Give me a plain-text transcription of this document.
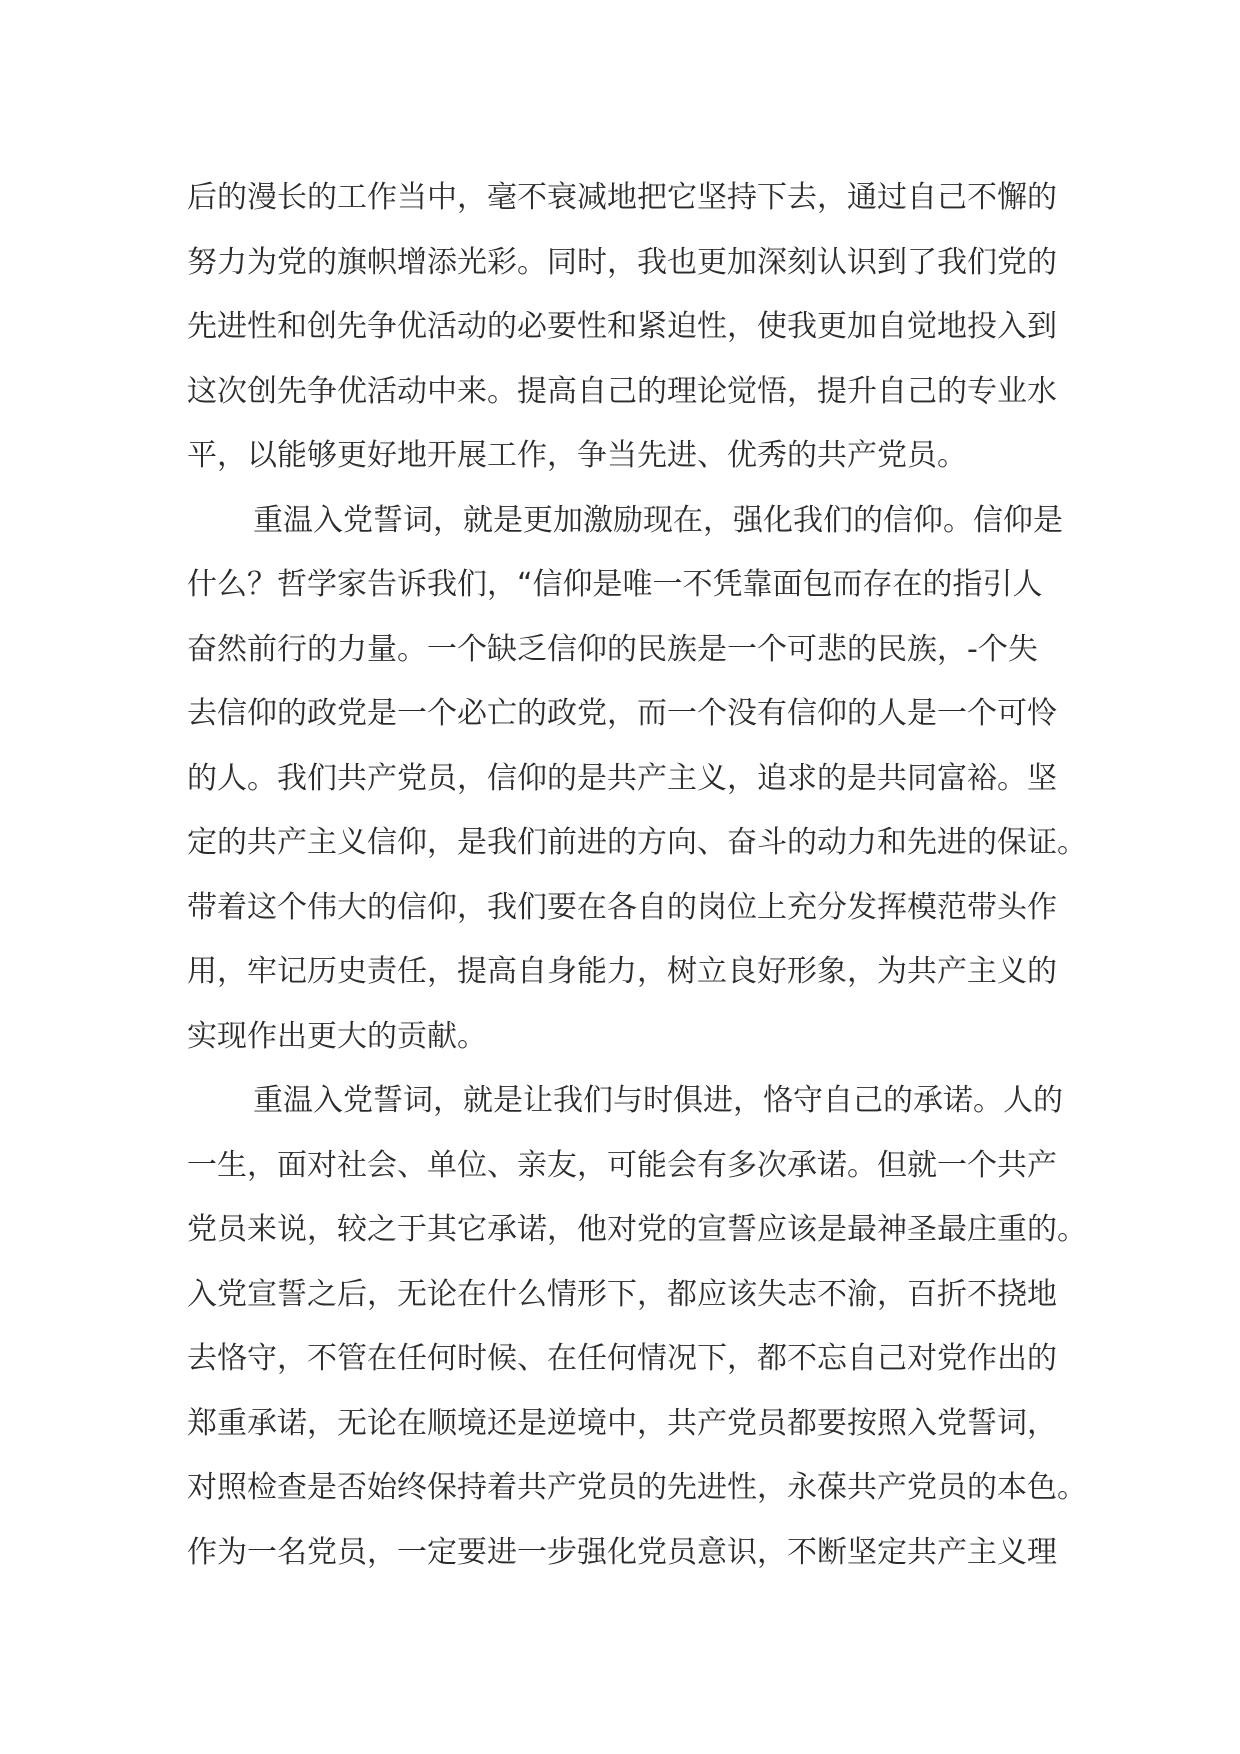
后的漫长的工作当中，毫不衰减地把它坚持下去，通过自己不懈的
努力为党的旗帜增添光彩。同时，我也更加深刻认识到了我们党的
先进性和创先争优活动的必要性和紧迫性，使我更加自觉地投入到
这次创先争优活动中来。提高自己的理论觉悟，提升自己的专业水
平，以能够更好地开展工作，争当先进、优秀的共产党员。
重温入党誓词，就是更加激励现在，强化我们的信仰。信仰是
什么？哲学家告诉我们，“信仰是唯一不凭靠面包而存在的指引人
奋然前行的力量。一个缺乏信仰的民族是一个可悲的民族，-个失
去信仰的政党是一个必亡的政党，而一个没有信仰的人是一个可怜
的人。我们共产党员，信仰的是共产主义，追求的是共同富裕。坚
定的共产主义信仰，是我们前进的方向、奋斗的动力和先进的保证。
带着这个伟大的信仰，我们要在各自的岗位上充分发挥模范带头作
用，牢记历史责任，提高自身能力，树立良好形象，为共产主义的
实现作出更大的贡献。
重温入党誓词，就是让我们与时俱进，恪守自己的承诺。人的
一生，面对社会、单位、亲友，可能会有多次承诺。但就一个共产
党员来说，较之于其它承诺，他对党的宣誓应该是最神圣最庄重的。
入党宣誓之后，无论在什么情形下，都应该失志不渝，百折不挠地
去恪守，不管在任何时候、在任何情况下，都不忘自己对党作出的
郑重承诺，无论在顺境还是逆境中，共产党员都要按照入党誓词，
对照检查是否始终保持着共产党员的先进性，永葆共产党员的本色。
作为一名党员，一定要进一步强化党员意识，不断坚定共产主义理
